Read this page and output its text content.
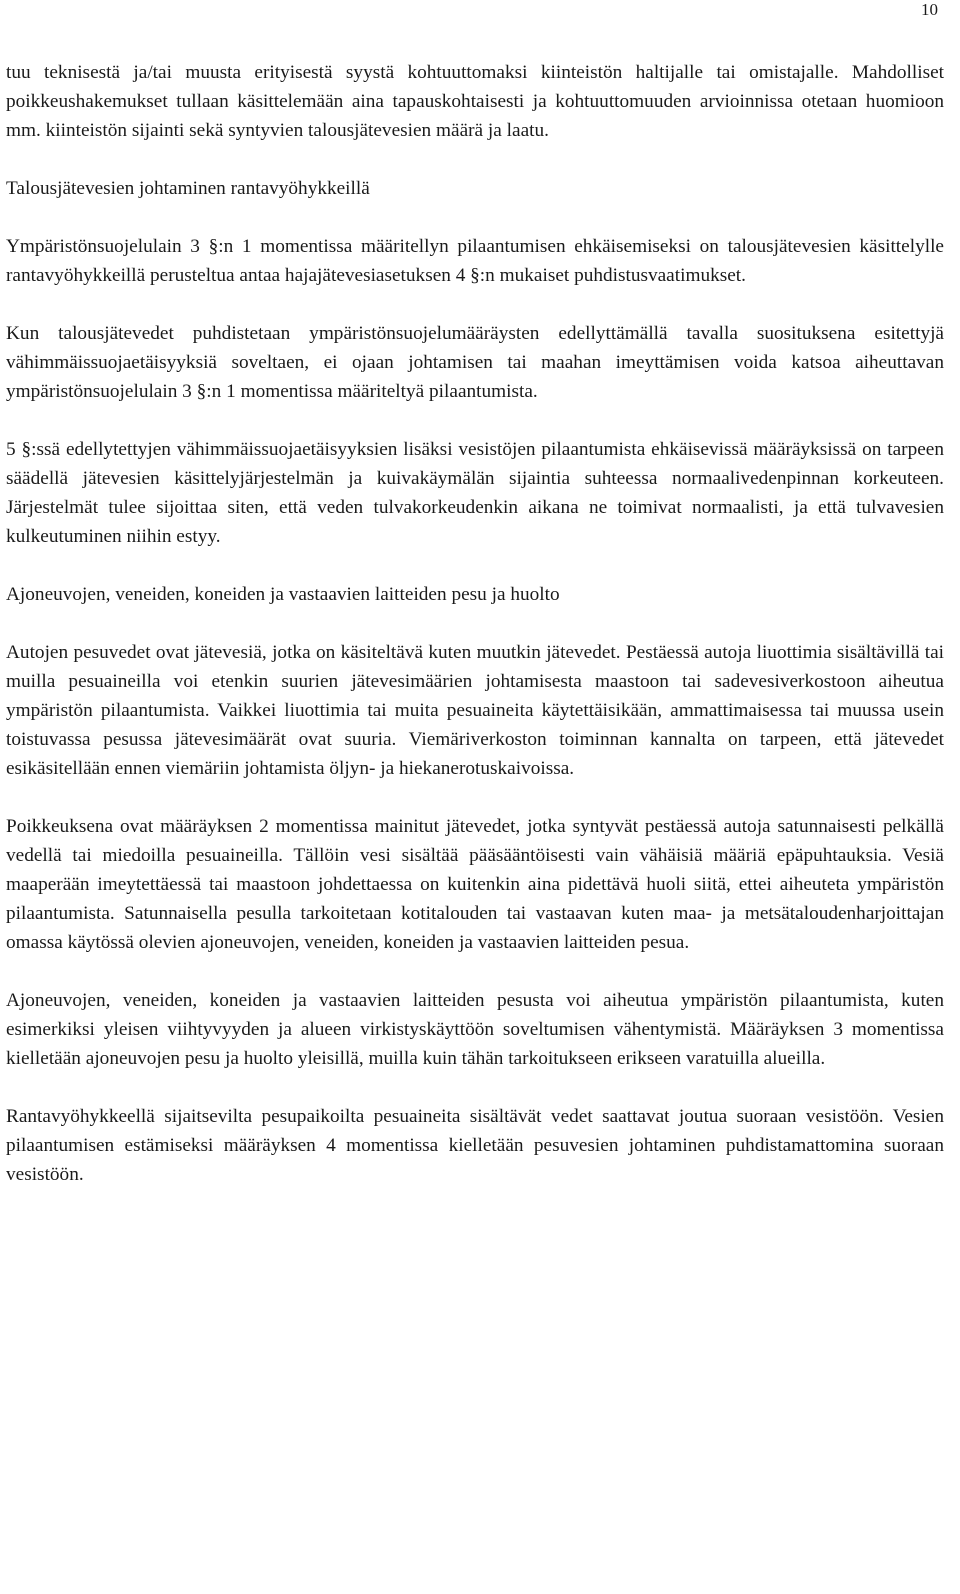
10

tuu teknisestä ja/tai muusta erityisestä syystä kohtuuttomaksi kiinteistön haltijalle tai omistajalle. Mahdolliset poikkeushakemukset tullaan käsittelemään aina tapauskohtaisesti ja kohtuuttomuuden arvioinnissa otetaan huomioon mm. kiinteistön sijainti sekä syntyvien talousjätevesien määrä ja laatu.

Talousjätevesien johtaminen rantavyöhykkeillä

Ympäristönsuojelulain 3 §:n 1 momentissa määritellyn pilaantumisen ehkäisemiseksi on talousjätevesien käsittelylle rantavyöhykkeillä perusteltua antaa hajajätevesiasetuksen 4 §:n mukaiset puhdistusvaatimukset.

Kun talousjätevedet puhdistetaan ympäristönsuojelumääräysten edellyttämällä tavalla suosituksena esitettyjä vähimmäissuojaetäisyyksiä soveltaen, ei ojaan johtamisen tai maahan imeyttämisen voida katsoa aiheuttavan ympäristönsuojelulain 3 §:n 1 momentissa määriteltyä pilaantumista.

5 §:ssä edellytettyjen vähimmäissuojaetäisyyksien lisäksi vesistöjen pilaantumista ehkäisevissä määräyksissä on tarpeen säädellä jätevesien käsittelyjärjestelmän ja kuivakäymälän sijaintia suhteessa normaalivedenpinnan korkeuteen. Järjestelmät tulee sijoittaa siten, että veden tulvakorkeudenkin aikana ne toimivat normaalisti, ja että tulvavesien kulkeutuminen niihin estyy.

Ajoneuvojen, veneiden, koneiden ja vastaavien laitteiden pesu ja huolto

Autojen pesuvedet ovat jätevesiä, jotka on käsiteltävä kuten muutkin jätevedet. Pestäessä autoja liuottimia sisältävillä tai muilla pesuaineilla voi etenkin suurien jätevesimäärien johtamisesta maastoon tai sadevesiverkostoon aiheutua ympäristön pilaantumista. Vaikkei liuottimia tai muita pesuaineita käytettäisikään, ammattimaisessa tai muussa usein toistuvassa pesussa jätevesimäärät ovat suuria. Viemäriverkoston toiminnan kannalta on tarpeen, että jätevedet esikäsitellään ennen viemäriin johtamista öljyn- ja hiekanerotuskaivoissa.

Poikkeuksena ovat määräyksen 2 momentissa mainitut jätevedet, jotka syntyvät pestäessä autoja satunnaisesti pelkällä vedellä tai miedoilla pesuaineilla. Tällöin vesi sisältää pääsääntöisesti vain vähäisiä määriä epäpuhtauksia. Vesiä maaperään imeytettäessä tai maastoon johdettaessa on kuitenkin aina pidettävä huoli siitä, ettei aiheuteta ympäristön pilaantumista. Satunnaisella pesulla tarkoitetaan kotitalouden tai vastaavan kuten maa- ja metsätaloudenharjoittajan omassa käytössä olevien ajoneuvojen, veneiden, koneiden ja vastaavien laitteiden pesua.

Ajoneuvojen, veneiden, koneiden ja vastaavien laitteiden pesusta voi aiheutua ympäristön pilaantumista, kuten esimerkiksi yleisen viihtyvyyden ja alueen virkistyskäyttöön soveltumisen vähentymistä. Määräyksen 3 momentissa kielletään ajoneuvojen pesu ja huolto yleisillä, muilla kuin tähän tarkoitukseen erikseen varatuilla alueilla.

Rantavyöhykkeellä sijaitsevilta pesupaikoilta pesuaineita sisältävät vedet saattavat joutua suoraan vesistöön. Vesien pilaantumisen estämiseksi määräyksen 4 momentissa kielletään pesuvesien johtaminen puhdistamattomina suoraan vesistöön.
